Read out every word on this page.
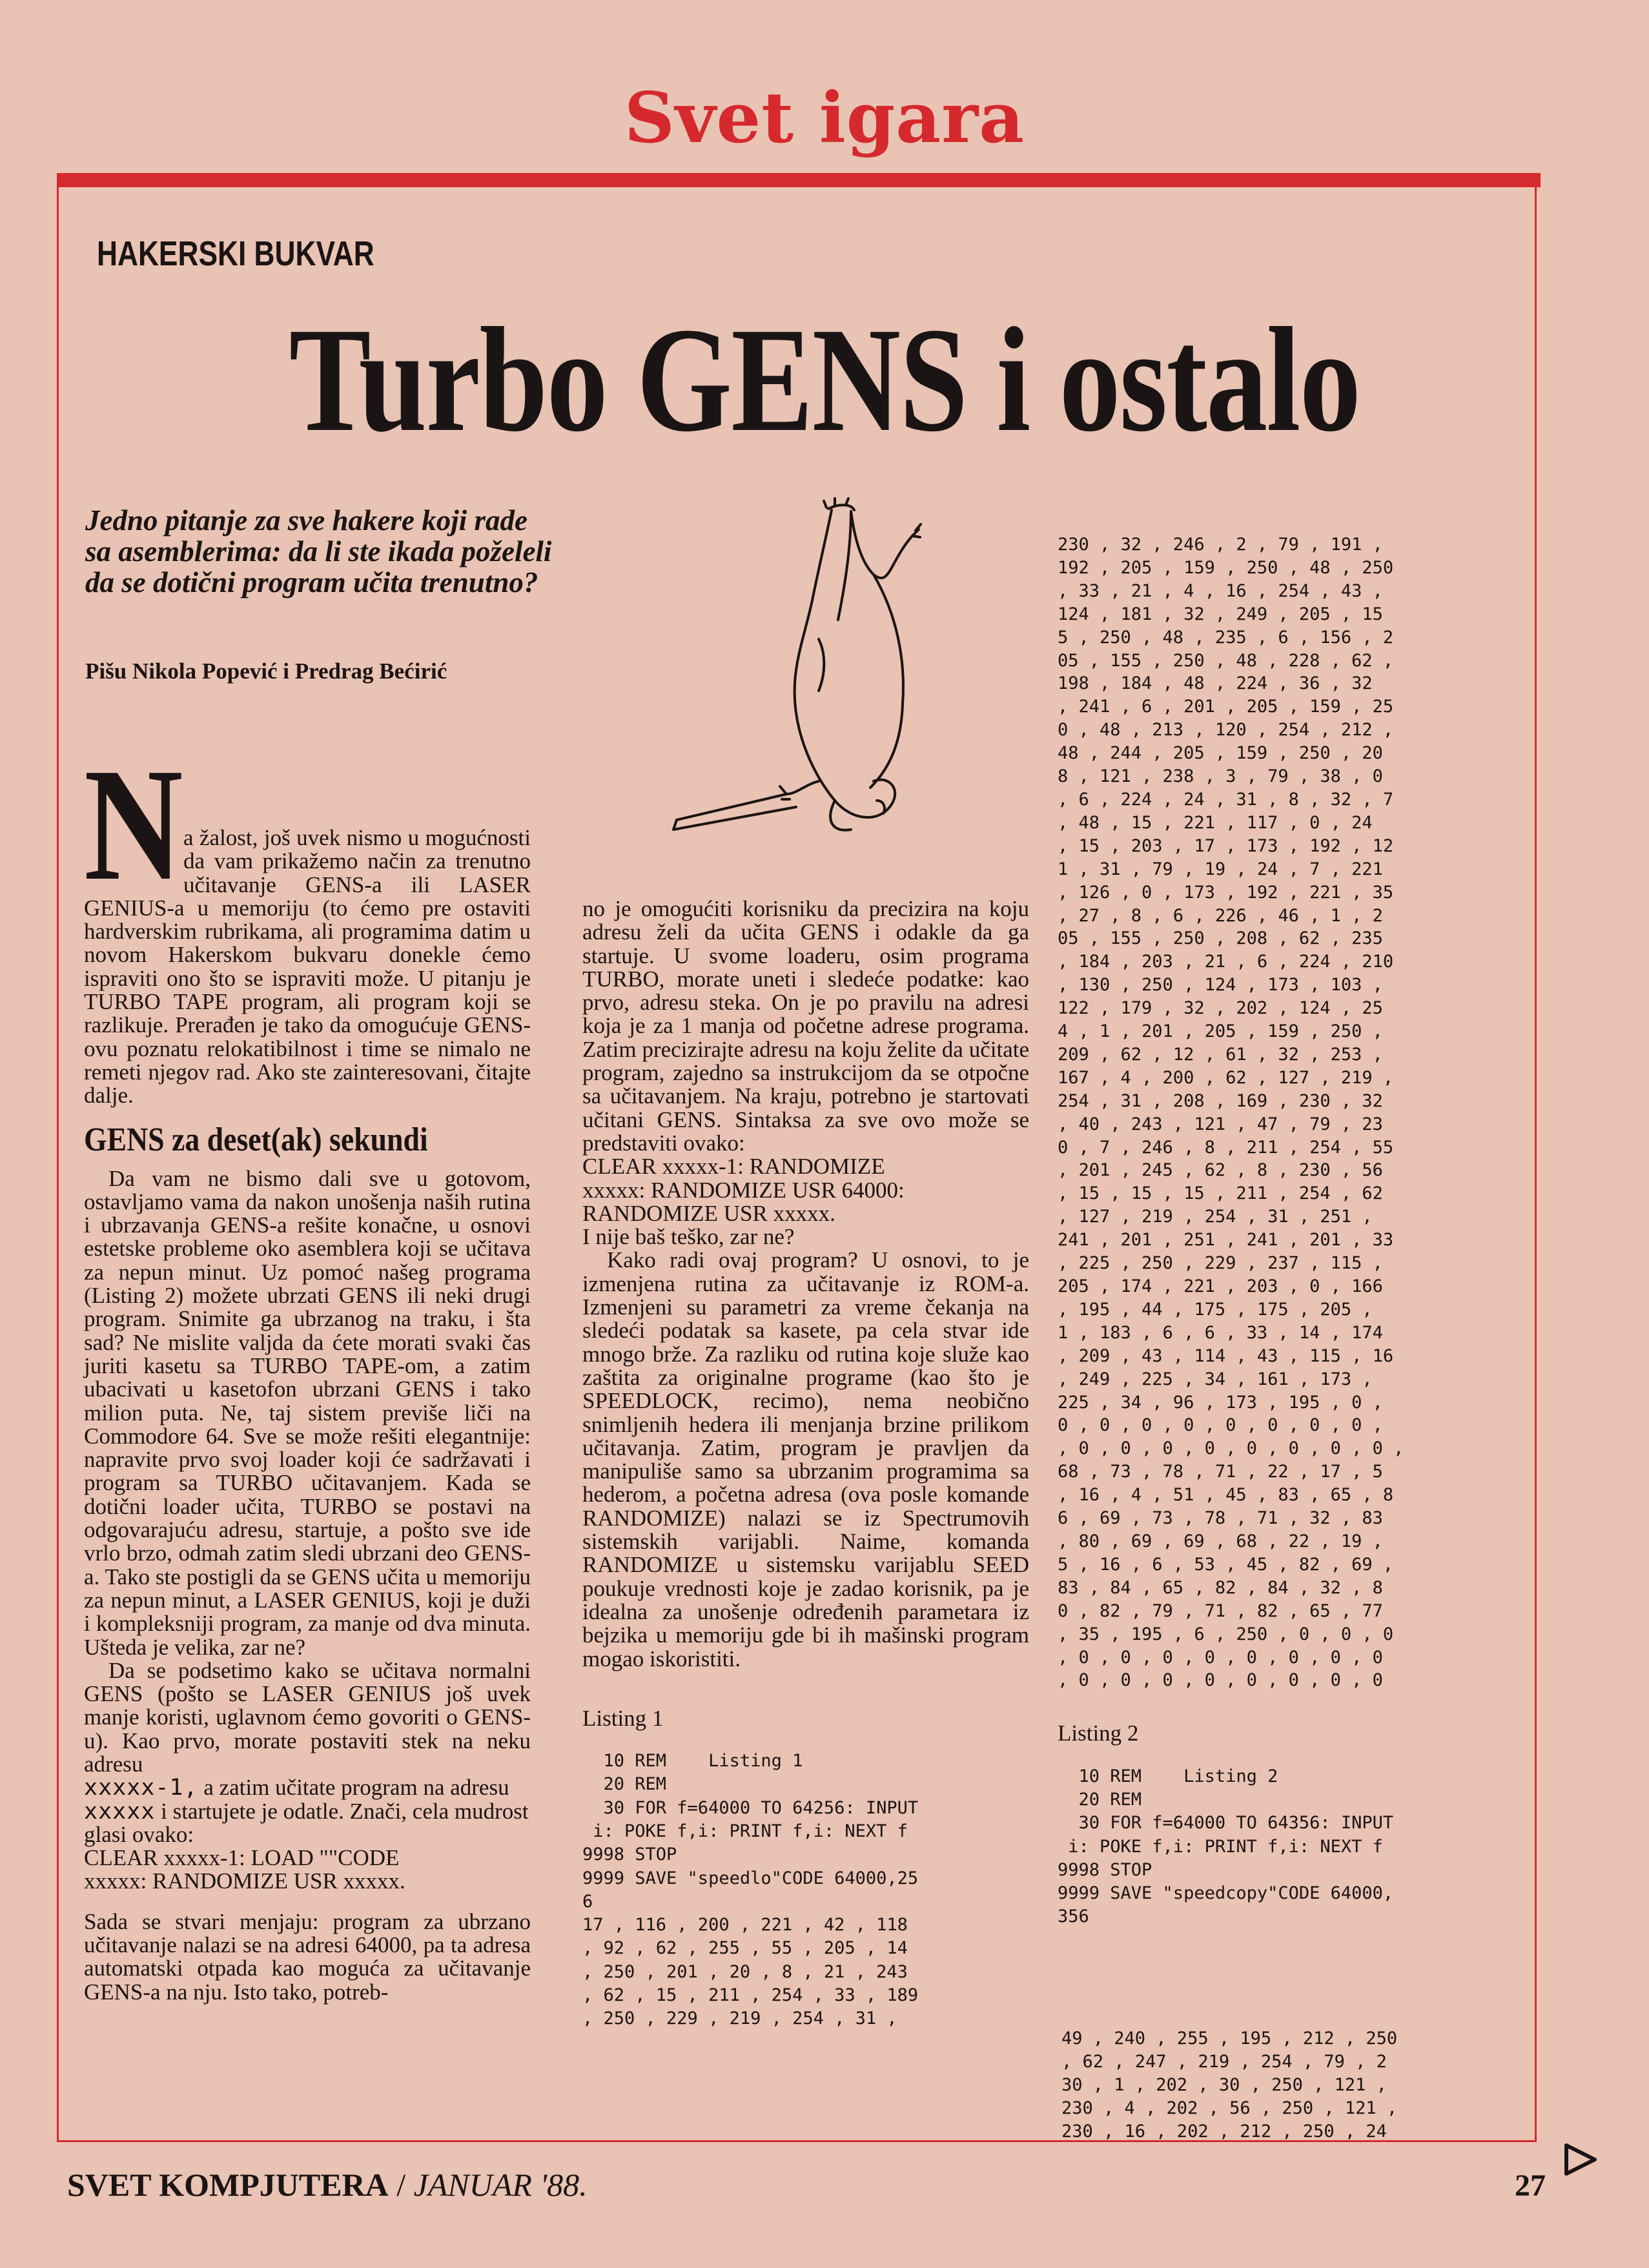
Svet igara
HAKERSKI BUKVAR
Turbo GENS i ostalo
Jedno pitanje za sve hakere koji rade sa asemblerima: da li ste ikada poželeli da se dotični program učita trenutno?
Pišu Nikola Popević i Predrag Bećirić
N a žalost, još uvek nismo u mogućnosti da vam prikažemo način za trenutno učitavanje GENS-a ili LASER GENIUS-a u memoriju (to ćemo pre ostaviti hardverskim rubrikama, ali programima datim u novom Hakerskom bukvaru donekle ćemo ispraviti ono što se ispraviti može. U pitanju je TURBO TAPE program, ali program koji se razlikuje. Prerađen je tako da omogućuje GENS-ovu poznatu relokatibilnost i time se nimalo ne remeti njegov rad. Ako ste zainteresovani, čitajte dalje.

GENS za deset(ak) sekundi

Da vam ne bismo dali sve u gotovom, ostavljamo vama da nakon unošenja naših rutina i ubrzavanja GENS-a rešite konačne, u osnovi estetske probleme oko asemblera koji se učitava za nepun minut. Uz pomoć našeg programa (Listing 2) možete ubrzati GENS ili neki drugi program. Snimite ga ubrzanog na traku, i šta sad? Ne mislite valjda da ćete morati svaki čas juriti kasetu sa TURBO TAPE-om, a zatim ubacivati u kasetofon ubrzani GENS i tako milion puta. Ne, taj sistem previše liči na Commodore 64. Sve se može rešiti elegantnije: napravite prvo svoj loader koji će sadržavati i program sa TURBO učitavanjem. Kada se dotični loader učita, TURBO se postavi na odgovarajuću adresu, startuje, a pošto sve ide vrlo brzo, odmah zatim sledi ubrzani deo GENS-a. Tako ste postigli da se GENS učita u memoriju za nepun minut, a LASER GENIUS, koji je duži i kompleksniji program, za manje od dva minuta. Ušteda je velika, zar ne?

Da se podsetimo kako se učitava normalni GENS (pošto se LASER GENIUS još uvek manje koristi, uglavnom ćemo govoriti o GENS-u). Kao prvo, morate postaviti stek na neku adresu

xxxxx-1, a zatim učitate program na adresu

xxxxx i startujete je odatle. Znači, cela mudrost glasi ovako:

CLEAR xxxxx-1: LOAD ""CODE

xxxxx: RANDOMIZE USR xxxxx.

Sada se stvari menjaju: program za ubrzano učitavanje nalazi se na adresi 64000, pa ta adresa automatski otpada kao moguća za učitavanje GENS-a na nju. Isto tako, potreb-

no je omogućiti korisniku da precizira na koju adresu želi da učita GENS i odakle da ga startuje. U svome loaderu, osim programa TURBO, morate uneti i sledeće podatke: kao prvo, adresu steka. On je po pravilu na adresi koja je za 1 manja od početne adrese programa. Zatim precizirajte adresu na koju želite da učitate program, zajedno sa instrukcijom da se otpočne sa učitavanjem. Na kraju, potrebno je startovati učitani GENS. Sintaksa za sve ovo može se predstaviti ovako:

CLEAR xxxxx-1: RANDOMIZE

xxxxx: RANDOMIZE USR 64000:

RANDOMIZE USR xxxxx.

I nije baš teško, zar ne?

Kako radi ovaj program? U osnovi, to je izmenjena rutina za učitavanje iz ROM-a. Izmenjeni su parametri za vreme čekanja na sledeći podatak sa kasete, pa cela stvar ide mnogo brže. Za razliku od rutina koje služe kao zaštita za originalne programe (kao što je SPEEDLOCK, recimo), nema neobično snimljenih hedera ili menjanja brzine prilikom učitavanja. Zatim, program je pravljen da manipuliše samo sa ubrzanim programima sa hederom, a početna adresa (ova posle komande RANDOMIZE) nalazi se iz Spectrumovih sistemskih varijabli. Naime, komanda RANDOMIZE u sistemsku varijablu SEED poukuje vrednosti koje je zadao korisnik, pa je idealna za unošenje određenih parametara iz bejzika u memoriju gde bi ih mašinski program mogao iskoristiti.

Listing 1

10 REM    Listing 1
20 REM
30 FOR f=64000 TO 64256: INPUT
i: POKE f,i: PRINT f,i: NEXT f
9998 STOP
9999 SAVE "speedlo"CODE 64000,25
6
17 , 116 , 200 , 221 , 42 , 118
, 92 , 62 , 255 , 55 , 205 , 14
, 250 , 201 , 20 , 8 , 21 , 243
, 62 , 15 , 211 , 254 , 33 , 189
, 250 , 229 , 219 , 254 , 31 ,
230 , 32 , 246 , 2 , 79 , 191 ,
192 , 205 , 159 , 250 , 48 , 250
, 33 , 21 , 4 , 16 , 254 , 43 ,
124 , 181 , 32 , 249 , 205 , 15
5 , 250 , 48 , 235 , 6 , 156 , 2
05 , 155 , 250 , 48 , 228 , 62 ,
198 , 184 , 48 , 224 , 36 , 32
, 241 , 6 , 201 , 205 , 159 , 25
0 , 48 , 213 , 120 , 254 , 212 ,
48 , 244 , 205 , 159 , 250 , 20
8 , 121 , 238 , 3 , 79 , 38 , 0
, 6 , 224 , 24 , 31 , 8 , 32 , 7
, 48 , 15 , 221 , 117 , 0 , 24
, 15 , 203 , 17 , 173 , 192 , 12
1 , 31 , 79 , 19 , 24 , 7 , 221
, 126 , 0 , 173 , 192 , 221 , 35
, 27 , 8 , 6 , 226 , 46 , 1 , 2
05 , 155 , 250 , 208 , 62 , 235
, 184 , 203 , 21 , 6 , 224 , 210
, 130 , 250 , 124 , 173 , 103 ,
122 , 179 , 32 , 202 , 124 , 25
4 , 1 , 201 , 205 , 159 , 250 ,
209 , 62 , 12 , 61 , 32 , 253 ,
167 , 4 , 200 , 62 , 127 , 219 ,
254 , 31 , 208 , 169 , 230 , 32
, 40 , 243 , 121 , 47 , 79 , 23
0 , 7 , 246 , 8 , 211 , 254 , 55
, 201 , 245 , 62 , 8 , 230 , 56
, 15 , 15 , 15 , 211 , 254 , 62
, 127 , 219 , 254 , 31 , 251 ,
241 , 201 , 251 , 241 , 201 , 33
, 225 , 250 , 229 , 237 , 115 ,
205 , 174 , 221 , 203 , 0 , 166
, 195 , 44 , 175 , 175 , 205 ,
1 , 183 , 6 , 6 , 33 , 14 , 174
, 209 , 43 , 114 , 43 , 115 , 16
, 249 , 225 , 34 , 161 , 173 ,
225 , 34 , 96 , 173 , 195 , 0 ,
0 , 0 , 0 , 0 , 0 , 0 , 0 , 0 ,
, 0 , 0 , 0 , 0 , 0 , 0 , 0 , 0 ,
68 , 73 , 78 , 71 , 22 , 17 , 5
, 16 , 4 , 51 , 45 , 83 , 65 , 8
6 , 69 , 73 , 78 , 71 , 32 , 83
, 80 , 69 , 69 , 68 , 22 , 19 ,
5 , 16 , 6 , 53 , 45 , 82 , 69 ,
83 , 84 , 65 , 82 , 84 , 32 , 8
0 , 82 , 79 , 71 , 82 , 65 , 77
, 35 , 195 , 6 , 250 , 0 , 0 , 0
, 0 , 0 , 0 , 0 , 0 , 0 , 0 , 0
, 0 , 0 , 0 , 0 , 0 , 0 , 0 , 0
Listing 2
10 REM    Listing 2
20 REM
30 FOR f=64000 TO 64356: INPUT
i: POKE f,i: PRINT f,i: NEXT f
9998 STOP
9999 SAVE "speedcopy"CODE 64000,
356
49 , 240 , 255 , 195 , 212 , 250
, 62 , 247 , 219 , 254 , 79 , 2
30 , 1 , 202 , 30 , 250 , 121 ,
230 , 4 , 202 , 56 , 250 , 121 ,
230 , 16 , 202 , 212 , 250 , 24
SVET KOMPJUTERA / JANUAR '88.	27
